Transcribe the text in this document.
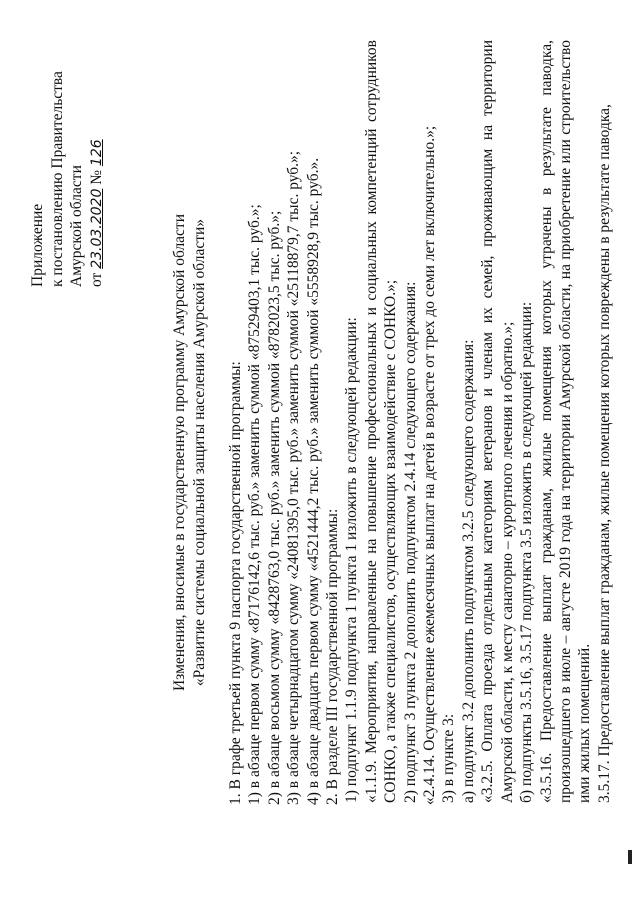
Приложение к постановлению Правительства Амурской области от 23.03.2020 № 126
Изменения, вносимые в государственную программу Амурской области «Развитие системы социальной защиты населения Амурской области» 1. В графе третьей пункта 9 паспорта государственной программы: 1) в абзаце первом сумму «87176142,6 тыс. руб.» заменить суммой «87529403,1 тыс. руб.»; 2) в абзаце восьмом сумму «8428763,0 тыс. руб.» заменить суммой «8782023,5 тыс. руб.»; 3) в абзаце четырнадцатом сумму «24081395,0 тыс. руб.» заменить суммой «25118879,7 тыс. руб.»; 4) в абзаце двадцать первом сумму «4521444,2 тыс. руб.» заменить суммой «5558928,9 тыс. руб.». 2. В разделе III государственной программы: 1) подпункт 1.1.9 подпункта 1 пункта 1 изложить в следующей редакции: «1.1.9. Мероприятия, направленные на повышение профессиональных и социальных компетенций сотрудников СОНКО, а также специалистов, осуществляющих взаимодействие с СОНКО.»; 2) подпункт 3 пункта 2 дополнить подпунктом 2.4.14 следующего содержания: «2.4.14. Осуществление ежемесячных выплат на детей в возрасте от трех до семи лет включительно.»; 3) в пункте 3: а) подпункт 3.2 дополнить подпунктом 3.2.5 следующего содержания: «3.2.5. Оплата проезда отдельным категориям ветеранов и членам их семей, проживающим на территории Амурской области, к месту санаторно – курортного лечения и обратно.»; б) подпункты 3.5.16, 3.5.17 подпункта 3.5 изложить в следующей редакции: «3.5.16. Предоставление выплат гражданам, жилые помещения которых утрачены в результате паводка, произошедшего в июле – августе 2019 года на территории Амурской области, на приобретение или строительство ими жилых помещений. 3.5.17. Предоставление выплат гражданам, жилые помещения которых повреждены в результате паводка,
